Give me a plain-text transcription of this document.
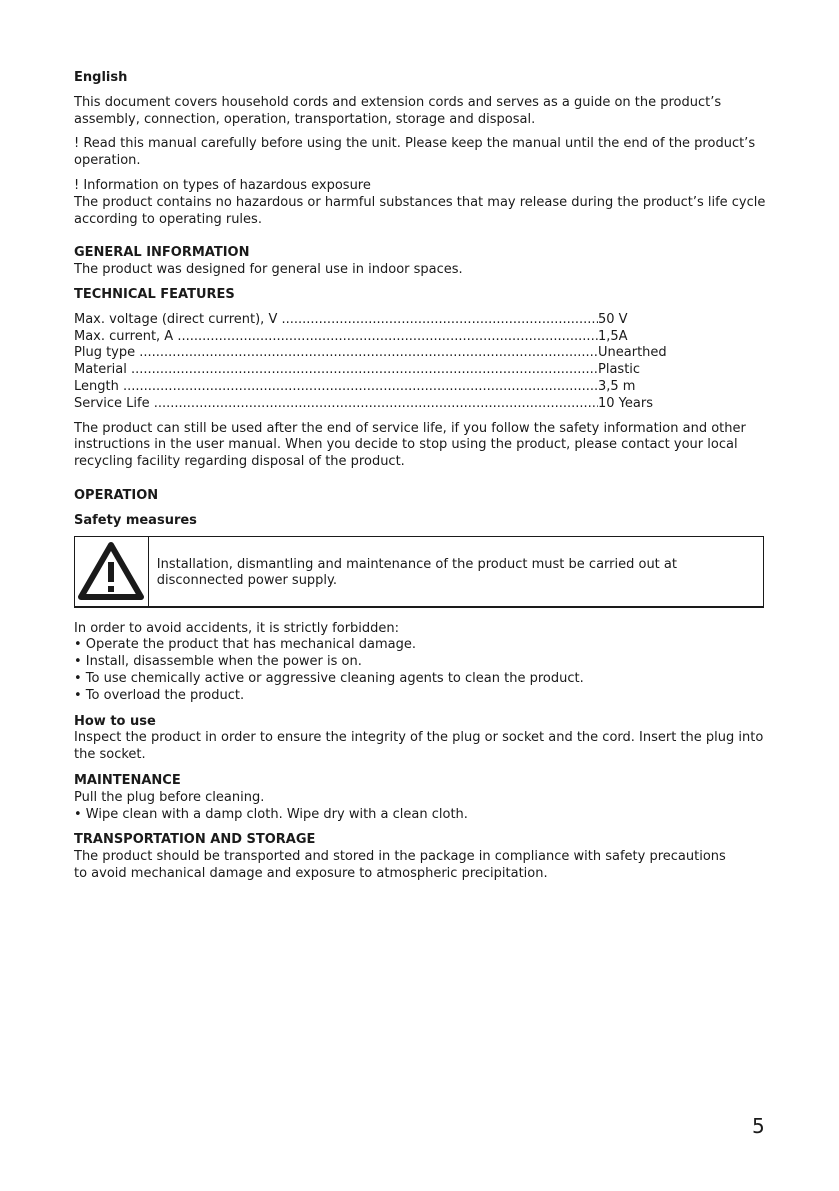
English

This document covers household cords and extension cords and serves as a guide on the product’s assembly, connection, operation, transportation, storage and disposal.

! Read this manual carefully before using the unit. Please keep the manual until the end of the product’s operation.

! Information on types of hazardous exposure

The product contains no hazardous or harmful substances that may release during the product’s life cycle according to operating rules.

GENERAL INFORMATION

The product was designed for general use in indoor spaces.

TECHNICAL FEATURES

Max. voltage (direct current), V .....	50 V
Max. current, A .....	1,5A
Plug type .....	Unearthed
Material .....	Plastic
Length .....	3,5 m
Service Life .....	10 Years

The product can still be used after the end of service life, if you follow the safety information and other instructions in the user manual. When you decide to stop using the product, please contact your local recycling facility regarding disposal of the product.

OPERATION

Safety measures

Installation, dismantling and maintenance of the product must be carried out at disconnected power supply.

In order to avoid accidents, it is strictly forbidden:

• Operate the product that has mechanical damage.

• Install, disassemble when the power is on.

• To use chemically active or aggressive cleaning agents to clean the product.

• To overload the product.

How to use

Inspect the product in order to ensure the integrity of the plug or socket and the cord. Insert the plug into the socket.

MAINTENANCE

Pull the plug before cleaning.

• Wipe clean with a damp cloth. Wipe dry with a clean cloth.

TRANSPORTATION AND STORAGE

The product should be transported and stored in the package in compliance with safety precautions

to avoid mechanical damage and exposure to atmospheric precipitation.

5
